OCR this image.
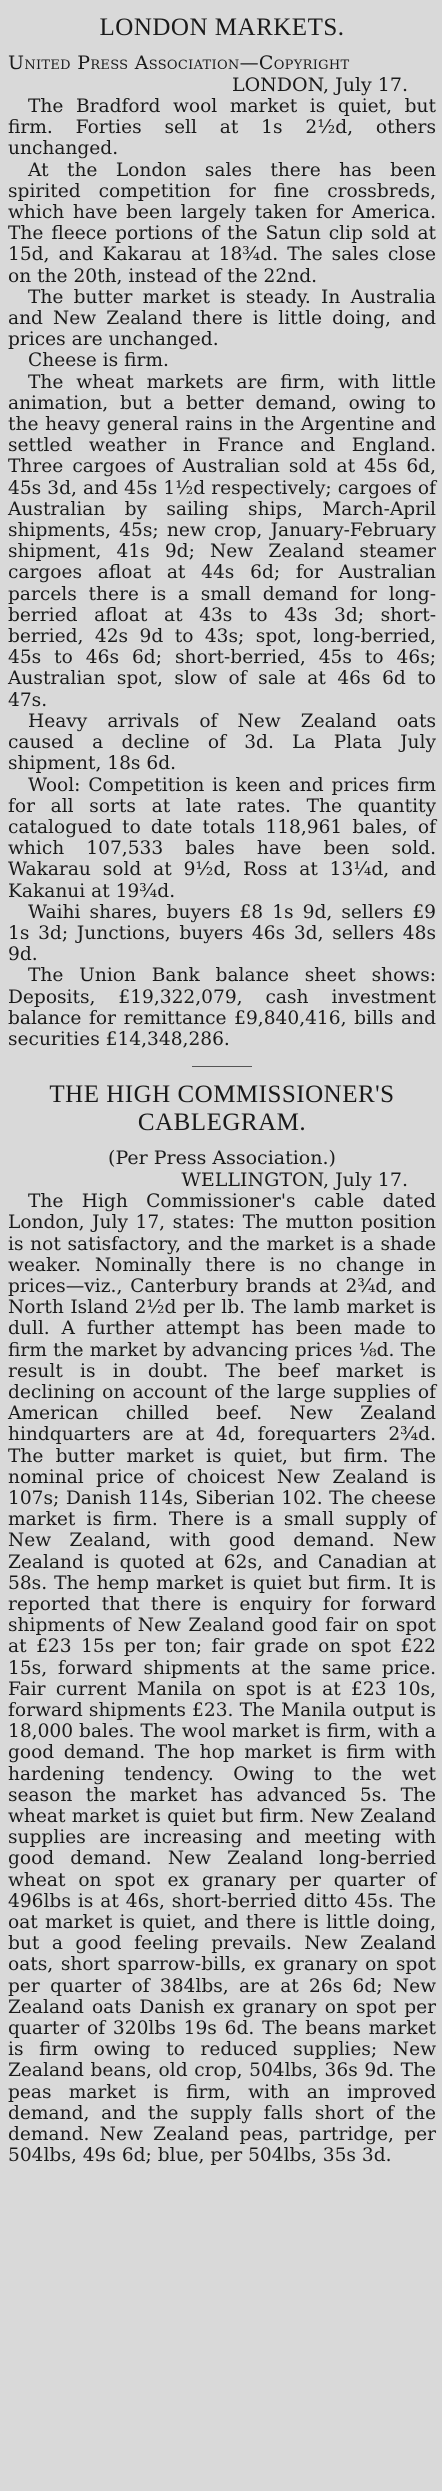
LONDON MARKETS.

United Press Association—Copyright

LONDON, July 17.

The Bradford wool market is quiet, but firm. Forties sell at 1s 2½d, others unchanged.

At the London sales there has been spirited competition for fine crossbreds, which have been largely taken for America. The fleece portions of the Satun clip sold at 15d, and Kakarau at 18¾d. The sales close on the 20th, instead of the 22nd.

The butter market is steady. In Australia and New Zealand there is little doing, and prices are unchanged.

Cheese is firm.

The wheat markets are firm, with little animation, but a better demand, owing to the heavy general rains in the Argentine and settled weather in France and England. Three cargoes of Australian sold at 45s 6d, 45s 3d, and 45s 1½d respectively; cargoes of Australian by sailing ships, March-April shipments, 45s; new crop, January-February shipment, 41s 9d; New Zealand steamer cargoes afloat at 44s 6d; for Australian parcels there is a small demand for long-berried afloat at 43s to 43s 3d; short-berried, 42s 9d to 43s; spot, long-berried, 45s to 46s 6d; short-berried, 45s to 46s; Australian spot, slow of sale at 46s 6d to 47s.

Heavy arrivals of New Zealand oats caused a decline of 3d. La Plata July shipment, 18s 6d.

Wool: Competition is keen and prices firm for all sorts at late rates. The quantity catalogued to date totals 118,961 bales, of which 107,533 bales have been sold. Wakarau sold at 9½d, Ross at 13¼d, and Kakanui at 19¾d.

Waihi shares, buyers £8 1s 9d, sellers £9 1s 3d; Junctions, buyers 46s 3d, sellers 48s 9d.

The Union Bank balance sheet shows: Deposits, £19,322,079, cash investment balance for remittance £9,840,416, bills and securities £14,348,286.

THE HIGH COMMISSIONER'S
CABLEGRAM.

(Per Press Association.)

WELLINGTON, July 17.

The High Commissioner's cable dated London, July 17, states: The mutton position is not satisfactory, and the market is a shade weaker. Nominally there is no change in prices—viz., Canterbury brands at 2¾d, and North Island 2½d per lb. The lamb market is dull. A further attempt has been made to firm the market by advancing prices ⅛d. The result is in doubt. The beef market is declining on account of the large supplies of American chilled beef. New Zealand hindquarters are at 4d, forequarters 2¾d. The butter market is quiet, but firm. The nominal price of choicest New Zealand is 107s; Danish 114s, Siberian 102. The cheese market is firm. There is a small supply of New Zealand, with good demand. New Zealand is quoted at 62s, and Canadian at 58s. The hemp market is quiet but firm. It is reported that there is enquiry for forward shipments of New Zealand good fair on spot at £23 15s per ton; fair grade on spot £22 15s, forward shipments at the same price. Fair current Manila on spot is at £23 10s, forward shipments £23. The Manila output is 18,000 bales. The wool market is firm, with a good demand. The hop market is firm with hardening tendency. Owing to the wet season the market has advanced 5s. The wheat market is quiet but firm. New Zealand supplies are increasing and meeting with good demand. New Zealand long-berried wheat on spot ex granary per quarter of 496lbs is at 46s, short-berried ditto 45s. The oat market is quiet, and there is little doing, but a good feeling prevails. New Zealand oats, short sparrow-bills, ex granary on spot per quarter of 384lbs, are at 26s 6d; New Zealand oats Danish ex granary on spot per quarter of 320lbs 19s 6d. The beans market is firm owing to reduced supplies; New Zealand beans, old crop, 504lbs, 36s 9d. The peas market is firm, with an improved demand, and the supply falls short of the demand. New Zealand peas, partridge, per 504lbs, 49s 6d; blue, per 504lbs, 35s 3d.
